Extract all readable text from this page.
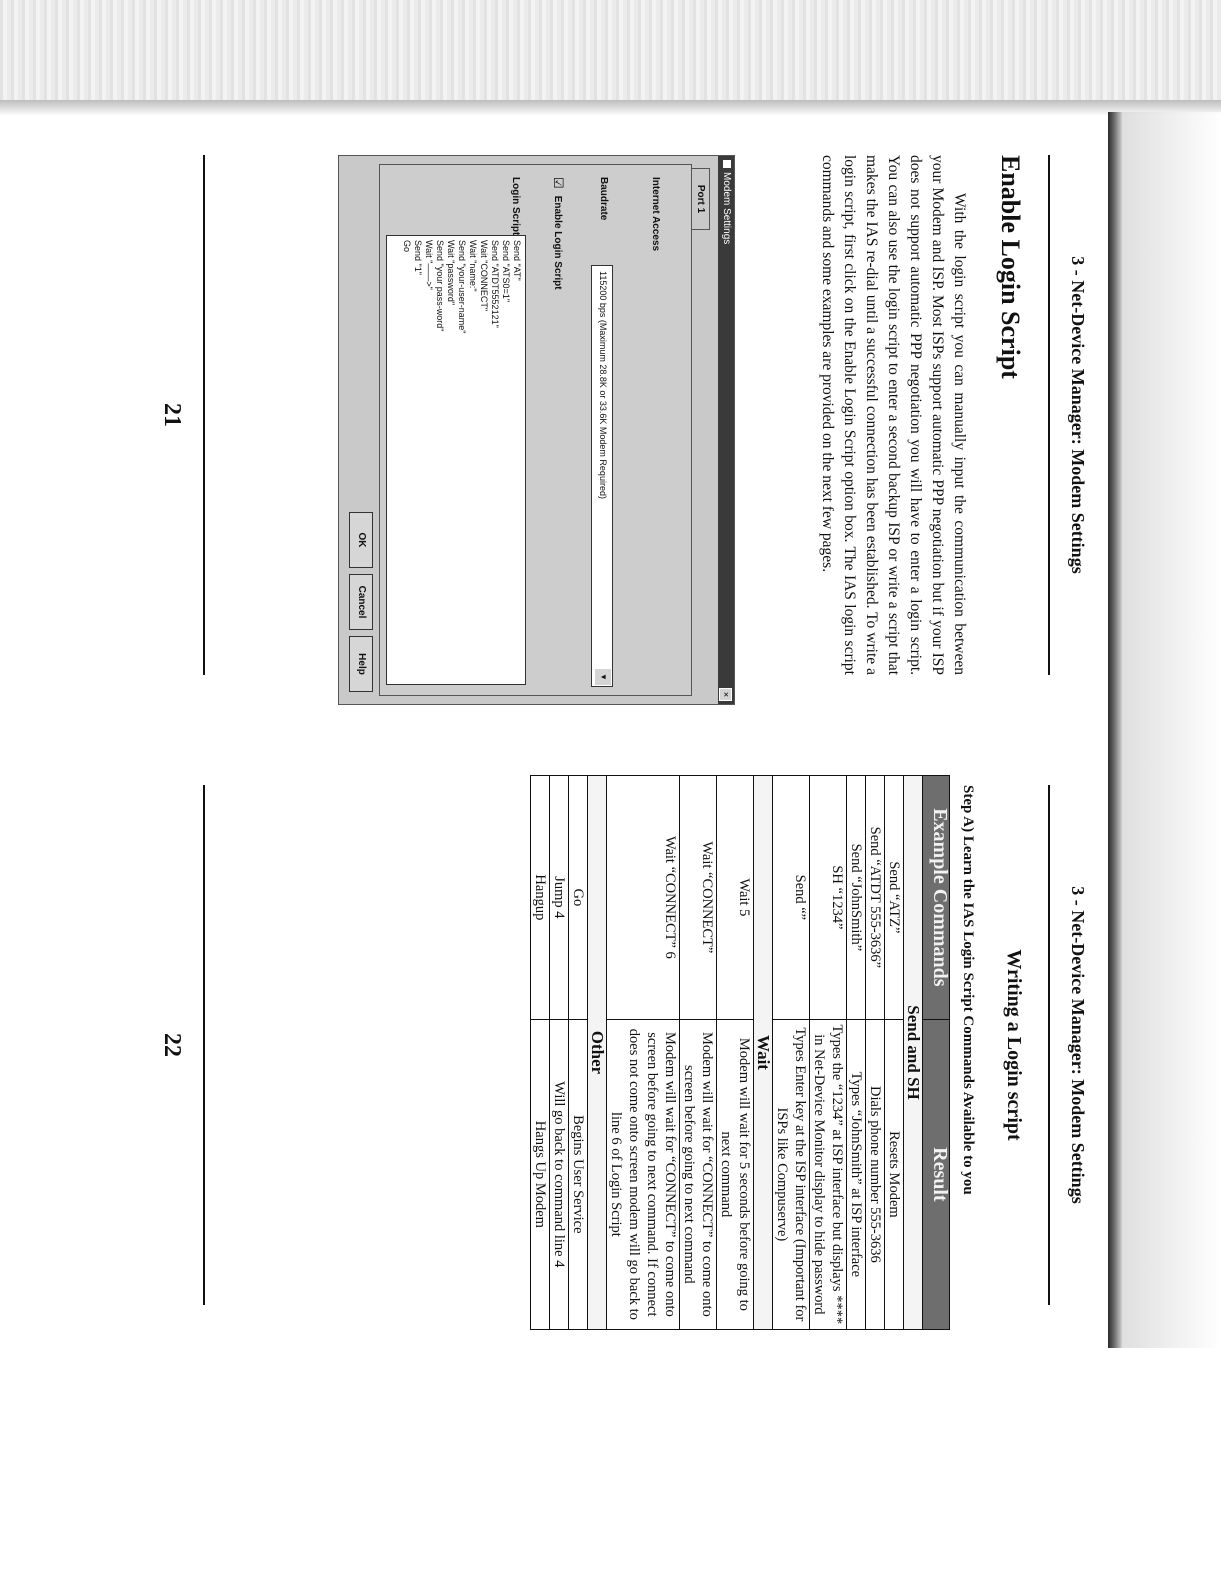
3 - Net-Device Manager: Modem Settings
Enable Login Script

With the login script you can manually input the communication between your Modem and ISP. Most ISPs support automatic PPP negotiation but if your ISP does not support automatic PPP negotiation you will have to enter a login script. You can also use the login script to enter a second backup ISP or write a script that makes the IAS re-dial until a successful connection has been established. To write a login script, first click on the Enable Login Script option box. The IAS login script commands and some examples are provided on the next few pages.

Modem Settings
×
Port 1
Internet Access
Baudrate
115200 bps (Maximum 28.8K or 33.6K Modem Required)
▼
☑ Enable Login Script
Login Script
Send "AT"
Send "ATS0=1"
Send "ATDT5552121"
Wait "CONNECT"
Wait "name:"
Send "your-user-name"
Wait "password"
Send "your pass-word"
Wait "——>"
Send "1"
Go
OK
Cancel
Help
21
3 - Net-Device Manager: Modem Settings
Writing a Login script
Step A) Learn the IAS Login Script Commands Available to you
Example Commands	Result
Send and SH	
Send “ATZ”	Resets Modem
Send “ATDT 555-3636”	Dials phone number 555-3636
Send “JohnSmith”	Types “JohnSmith” at ISP interface
SH “1234”	Types the “1234” at ISP interface but displays **** in Net-Device Monitor display to hide password
Send “”	Types Enter key at the ISP interface (Important for ISPs like Compuserve)
Wait	
Wait 5	Modem will wait for 5 seconds before going to next command
Wait “CONNECT”	Modem will wait for “CONNECT” to come onto screen before going to next command
Wait “CONNECT” 6	Modem will wait for “CONNECT” to come onto screen before going to next command. If connect does not come onto screen modem will go back to line 6 of Login Script
Other	
Go	Begins User Service
Jump 4	Will go back to command line 4
Hangup	Hangs Up Modem
22
